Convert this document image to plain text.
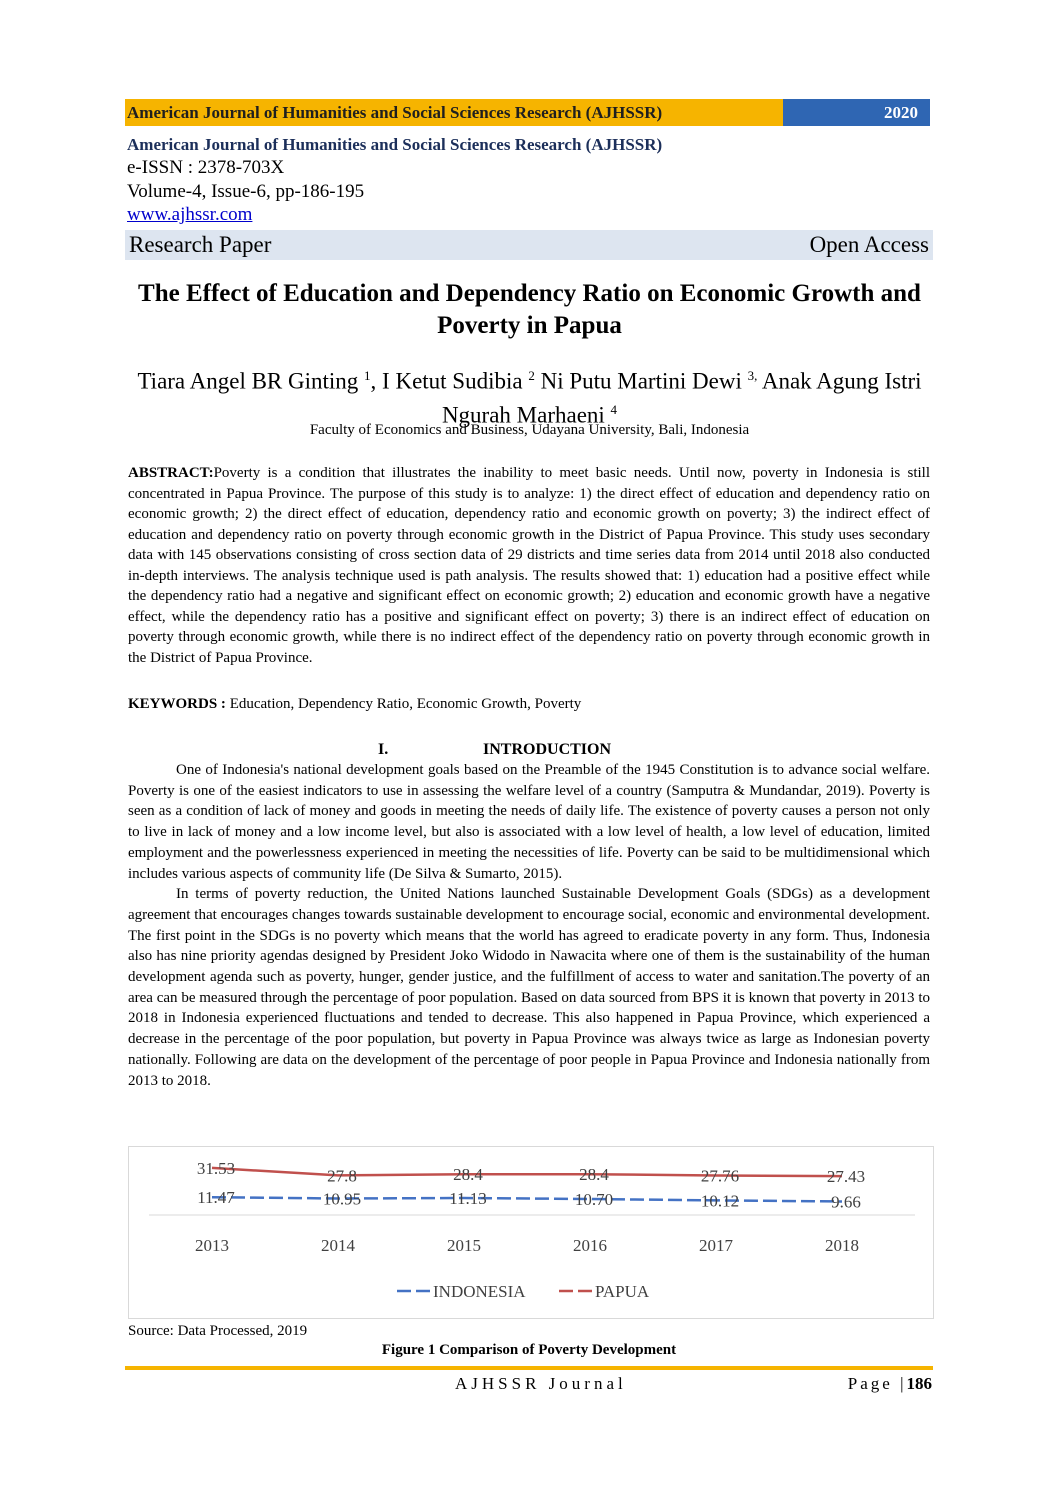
American Journal of Humanities and Social Sciences Research (AJHSSR)	2020
American Journal of Humanities and Social Sciences Research (AJHSSR)
e-ISSN : 2378-703X
Volume-4, Issue-6, pp-186-195
www.ajhssr.com
Research Paper	Open Access
The Effect of Education and Dependency Ratio on Economic Growth and Poverty in Papua
Tiara Angel BR Ginting $^1$, I Ketut Sudibia $^2$ Ni Putu Martini Dewi $^{3,}$ Anak Agung Istri Ngurah Marhaeni $^4$
Faculty of Economics and Business, Udayana University, Bali, Indonesia
ABSTRACT:Poverty is a condition that illustrates the inability to meet basic needs. Until now, poverty in Indonesia is still concentrated in Papua Province. The purpose of this study is to analyze: 1) the direct effect of education and dependency ratio on economic growth; 2) the direct effect of education, dependency ratio and economic growth on poverty; 3) the indirect effect of education and dependency ratio on poverty through economic growth in the District of Papua Province. This study uses secondary data with 145 observations consisting of cross section data of 29 districts and time series data from 2014 until 2018 also conducted in-depth interviews. The analysis technique used is path analysis. The results showed that: 1) education had a positive effect while the dependency ratio had a negative and significant effect on economic growth; 2) education and economic growth have a negative effect, while the dependency ratio has a positive and significant effect on poverty; 3) there is an indirect effect of education on poverty through economic growth, while there is no indirect effect of the dependency ratio on poverty through economic growth in the District of Papua Province.
KEYWORDS : Education, Dependency Ratio, Economic Growth, Poverty
I.	INTRODUCTION

One of Indonesia's national development goals based on the Preamble of the 1945 Constitution is to advance social welfare. Poverty is one of the easiest indicators to use in assessing the welfare level of a country (Samputra & Mundandar, 2019). Poverty is seen as a condition of lack of money and goods in meeting the needs of daily life. The existence of poverty causes a person not only to live in lack of money and a low income level, but also is associated with a low level of health, a low level of education, limited employment and the powerlessness experienced in meeting the necessities of life. Poverty can be said to be multidimensional which includes various aspects of community life (De Silva & Sumarto, 2015).

In terms of poverty reduction, the United Nations launched Sustainable Development Goals (SDGs) as a development agreement that encourages changes towards sustainable development to encourage social, economic and environmental development. The first point in the SDGs is no poverty which means that the world has agreed to eradicate poverty in any form. Thus, Indonesia also has nine priority agendas designed by President Joko Widodo in Nawacita where one of them is the sustainability of the human development agenda such as poverty, hunger, gender justice, and the fulfillment of access to water and sanitation.The poverty of an area can be measured through the percentage of poor population. Based on data sourced from BPS it is known that poverty in 2013 to 2018 in Indonesia experienced fluctuations and tended to decrease. This also happened in Papua Province, which experienced a decrease in the percentage of the poor population, but poverty in Papua Province was always twice as large as Indonesian poverty nationally. Following are data on the development of the percentage of poor people in Papua Province and Indonesia nationally from 2013 to 2018.

31.53	27.8	28.4	28.4	27.76	27.43
11.47	10.95	11.13	10.70	10.12	9.66
2013	2014	2015	2016	2017	2018
INDONESIA	PAPUA
Source: Data Processed, 2019
Figure 1 Comparison of Poverty Development
AJHSSR Journal	Page |186
